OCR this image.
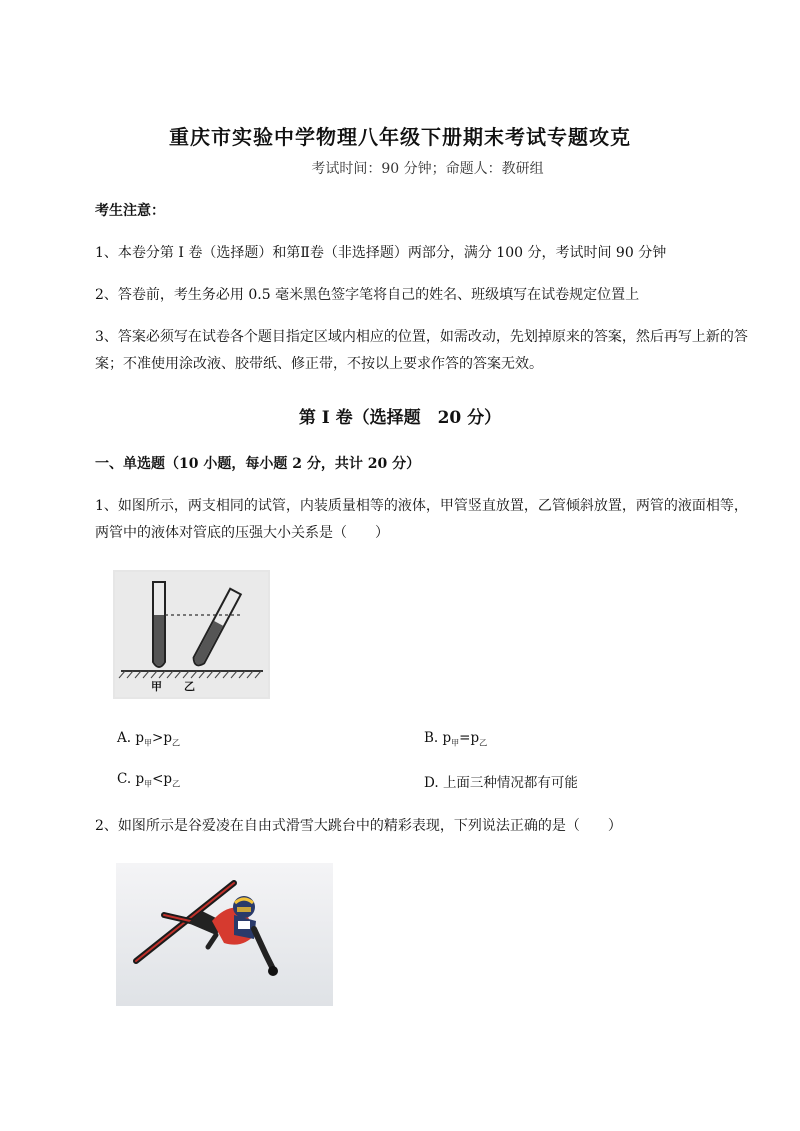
重庆市实验中学物理八年级下册期末考试专题攻克
考试时间：90 分钟；命题人：教研组
考生注意：
1、本卷分第 I 卷（选择题）和第Ⅱ卷（非选择题）两部分，满分 100 分，考试时间 90 分钟
2、答卷前，考生务必用 0.5 毫米黑色签字笔将自己的姓名、班级填写在试卷规定位置上
3、答案必须写在试卷各个题目指定区域内相应的位置，如需改动，先划掉原来的答案，然后再写上新的答案；不准使用涂改液、胶带纸、修正带，不按以上要求作答的答案无效。
第 I 卷（选择题　20 分）
一、单选题（10 小题，每小题 2 分，共计 20 分）
1、如图所示，两支相同的试管，内装质量相等的液体，甲管竖直放置，乙管倾斜放置，两管的液面相等，两管中的液体对管底的压强大小关系是（　　）
甲 乙
A. $p_甲>p_乙$	B. $p_甲=p_乙$
C. $p_甲<p_乙$	D. 上面三种情况都有可能
2、如图所示是谷爱凌在自由式滑雪大跳台中的精彩表现，下列说法正确的是（　　）
